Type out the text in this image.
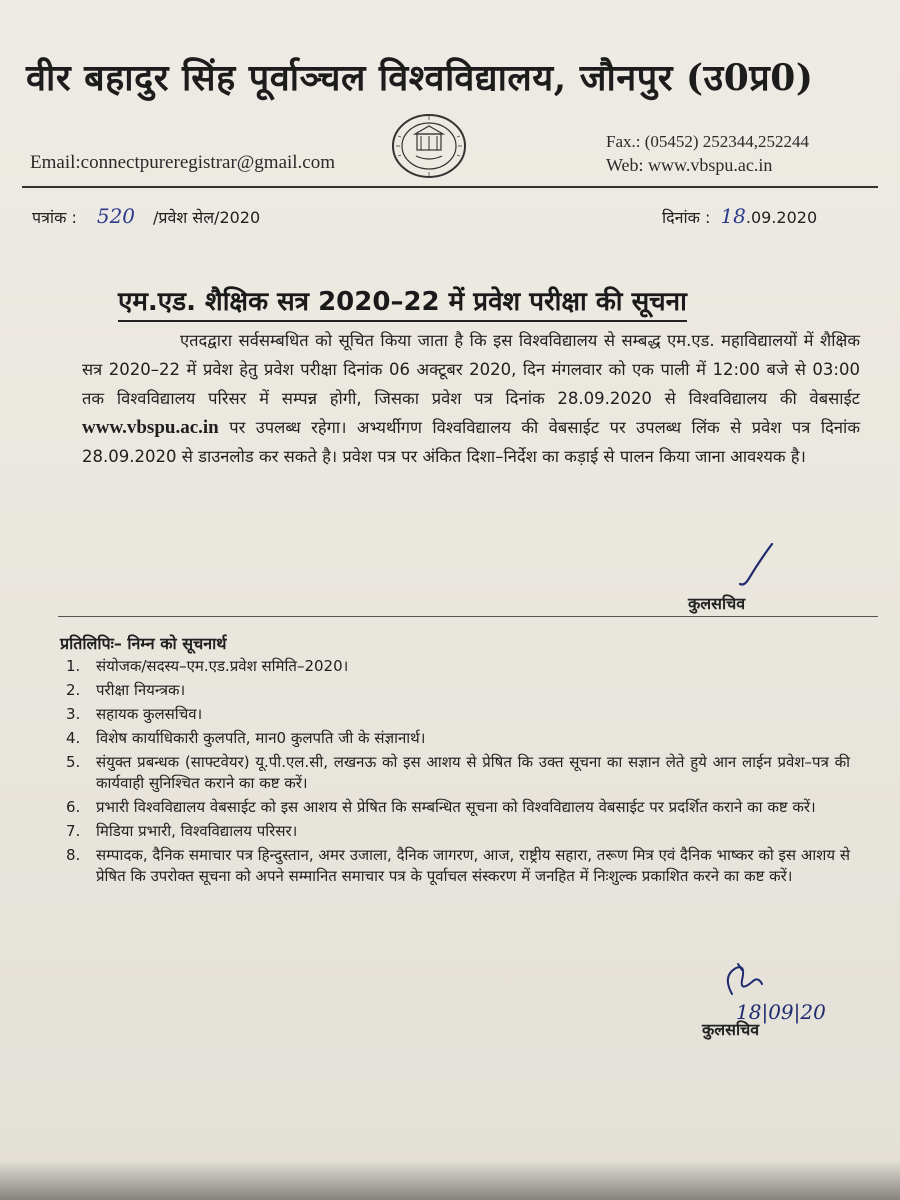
वीर बहादुर सिंह पूर्वाञ्चल विश्वविद्यालय, जौनपुर (उ0प्र0)
Fax.: (05452) 252344,252244
Web: www.vbspu.ac.in
Email:connectpureregistrar@gmail.com
पत्रांक : 520 /प्रवेश सेल/2020	दिनांक : 18.09.2020
एम.एड. शैक्षिक सत्र 2020–22 में प्रवेश परीक्षा की सूचना

एतदद्वारा सर्वसम्बधित को सूचित किया जाता है कि इस विश्वविद्यालय से सम्बद्ध एम.एड. महाविद्यालयों में शैक्षिक सत्र 2020–22 में प्रवेश हेतु प्रवेश परीक्षा दिनांक 06 अक्टूबर 2020, दिन मंगलवार को एक पाली में 12:00 बजे से 03:00 तक विश्वविद्यालय परिसर में सम्पन्न होगी, जिसका प्रवेश पत्र दिनांक 28.09.2020 से विश्वविद्यालय की वेबसाईट www.vbspu.ac.in पर उपलब्ध रहेगा। अभ्यर्थीगण विश्वविद्यालय की वेबसाईट पर उपलब्ध लिंक से प्रवेश पत्र दिनांक 28.09.2020 से डाउनलोड कर सकते है। प्रवेश पत्र पर अंकित दिशा–निर्देश का कड़ाई से पालन किया जाना आवश्यक है।

कुलसचिव
प्रतिलिपिः– निम्न को सूचनार्थ
1. संयोजक/सदस्य–एम.एड.प्रवेश समिति–2020।
2. परीक्षा नियन्त्रक।
3. सहायक कुलसचिव।
4. विशेष कार्याधिकारी कुलपति, मान0 कुलपति जी के संज्ञानार्थ।
5. संयुक्त प्रबन्धक (साफ्टवेयर) यू.पी.एल.सी, लखनऊ को इस आशय से प्रेषित कि उक्त सूचना का सज्ञान लेते हुये आन लाईन प्रवेश–पत्र की कार्यवाही सुनिश्चित कराने का कष्ट करें।
6. प्रभारी विश्वविद्यालय वेबसाईट को इस आशय से प्रेषित कि सम्बन्धित सूचना को विश्वविद्यालय वेबसाईट पर प्रदर्शित कराने का कष्ट करें।
7. मिडिया प्रभारी, विश्वविद्यालय परिसर।
8. सम्पादक, दैनिक समाचार पत्र हिन्दुस्तान, अमर उजाला, दैनिक जागरण, आज, राष्ट्रीय सहारा, तरूण मित्र एवं दैनिक भाष्कर को इस आशय से प्रेषित कि उपरोक्त सूचना को अपने सम्मानित समाचार पत्र के पूर्वाचल संस्करण में जनहित में निःशुल्क प्रकाशित करने का कष्ट करें।
18|09|20
कुलसचिव
